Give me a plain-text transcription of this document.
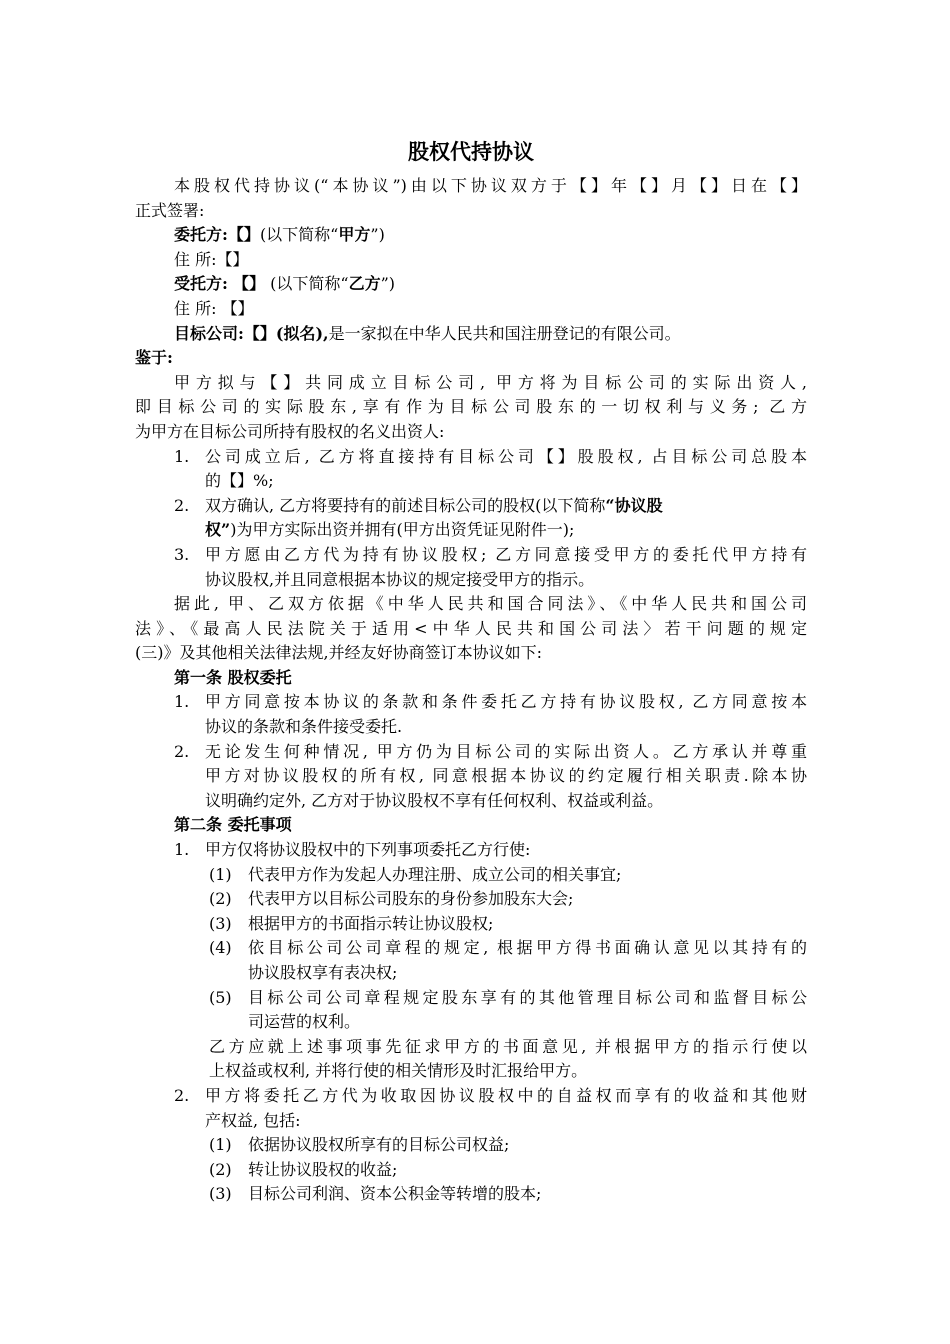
股权代持协议
本股权代持协议(“本协议”)由以下协议双方于【】年【】月【】日在【】
正式签署:
委托方:【】(以下简称“甲方”)
住 所:【】
受托方: 【】 (以下简称“乙方”)
住 所: 【】
目标公司:【】(拟名),是一家拟在中华人民共和国注册登记的有限公司。
鉴于:
甲方拟与【】共同成立目标公司, 甲方将为目标公司的实际出资人,
即目标公司的实际股东,享有作为目标公司股东的一切权利与义务; 乙方
为甲方在目标公司所持有股权的名义出资人:
1. 公司成立后, 乙方将直接持有目标公司【】股股权, 占目标公司总股本
的【】%;
2. 双方确认, 乙方将要持有的前述目标公司的股权(以下简称“协议股
权”)为甲方实际出资并拥有(甲方出资凭证见附件一);
3. 甲方愿由乙方代为持有协议股权; 乙方同意接受甲方的委托代甲方持有
协议股权,并且同意根据本协议的规定接受甲方的指示。
据此, 甲、乙双方依据《中华人民共和国合同法》、《中华人民共和国公司
法》、《最高人民法院关于适用<中华人民共和国公司法〉若干问题的规定
(三)》及其他相关法律法规,并经友好协商签订本协议如下:
第一条 股权委托
1. 甲方同意按本协议的条款和条件委托乙方持有协议股权, 乙方同意按本
协议的条款和条件接受委托.
2. 无论发生何种情况, 甲方仍为目标公司的实际出资人。乙方承认并尊重
甲方对协议股权的所有权, 同意根据本协议的约定履行相关职责.除本协
议明确约定外, 乙方对于协议股权不享有任何权利、权益或利益。
第二条 委托事项
1. 甲方仅将协议股权中的下列事项委托乙方行使:
(1)	代表甲方作为发起人办理注册、成立公司的相关事宜;
(2)	代表甲方以目标公司股东的身份参加股东大会;
(3)	根据甲方的书面指示转让协议股权;
(4)	依目标公司公司章程的规定, 根据甲方得书面确认意见以其持有的
协议股权享有表决权;
(5)	目标公司公司章程规定股东享有的其他管理目标公司和监督目标公
司运营的权利。
乙方应就上述事项事先征求甲方的书面意见, 并根据甲方的指示行使以
上权益或权利, 并将行使的相关情形及时汇报给甲方。
2. 甲方将委托乙方代为收取因协议股权中的自益权而享有的收益和其他财
产权益, 包括:
(1)	依据协议股权所享有的目标公司权益;
(2)	转让协议股权的收益;
(3)	目标公司利润、资本公积金等转增的股本;
